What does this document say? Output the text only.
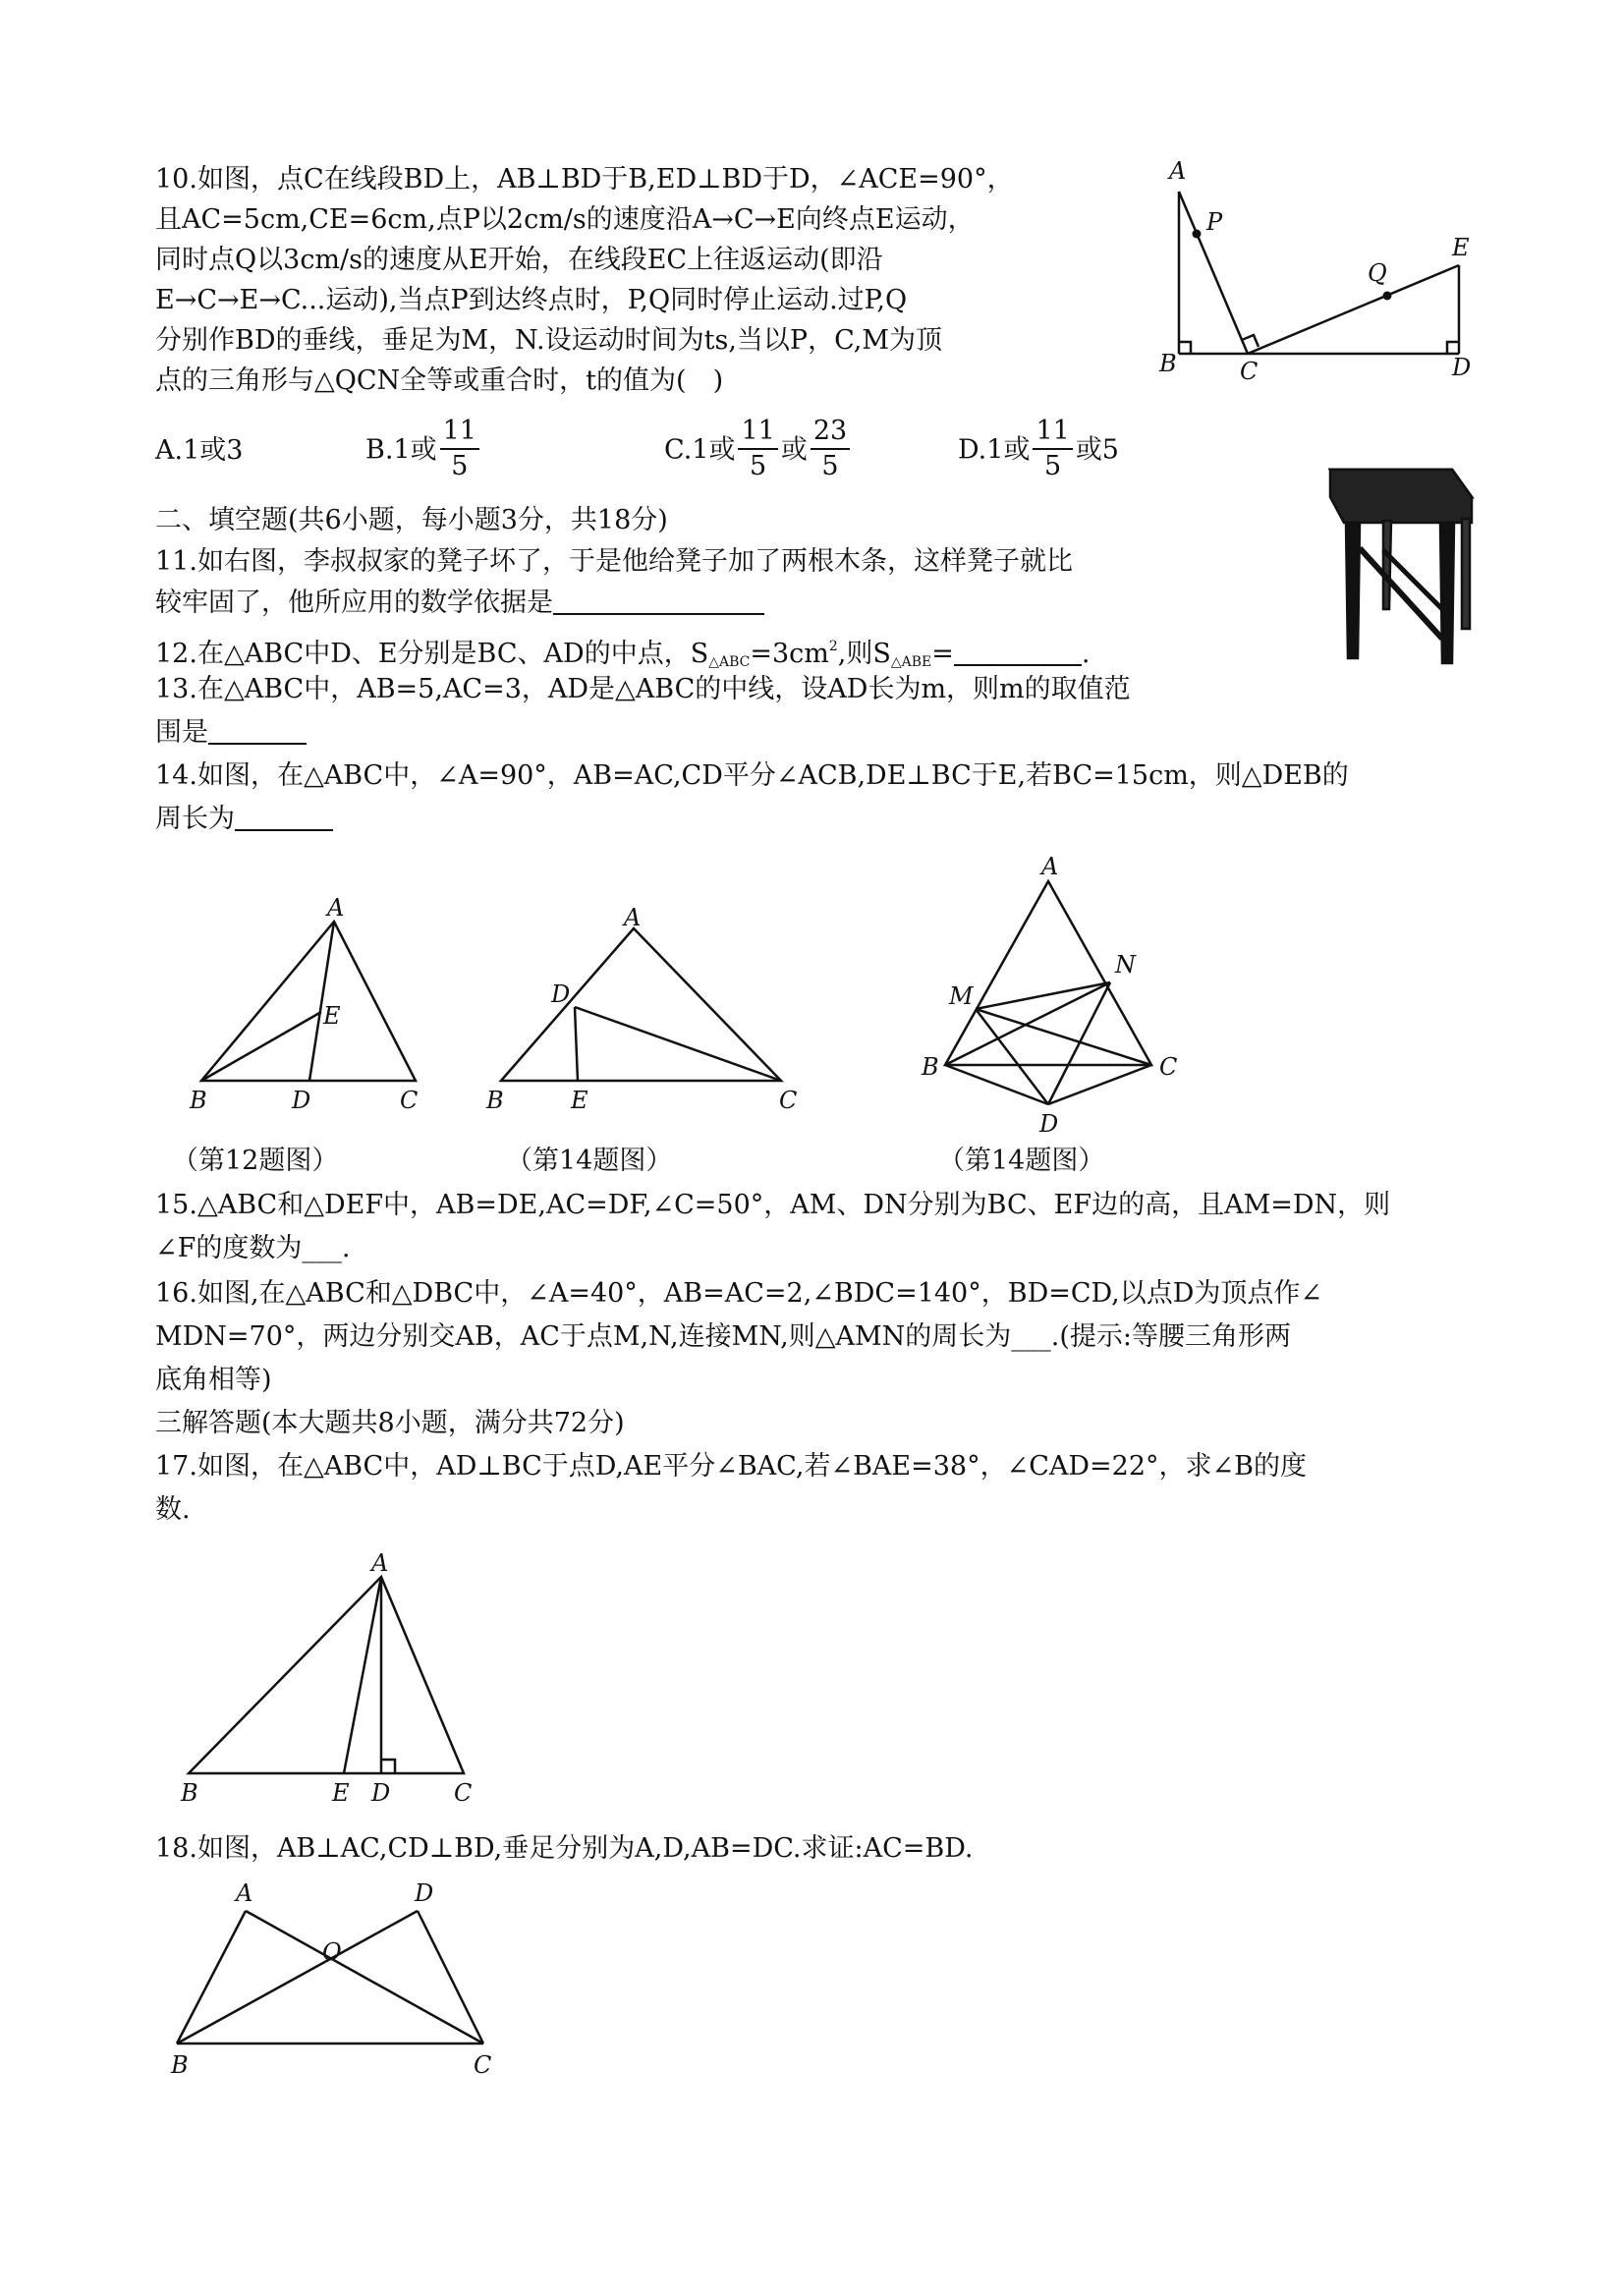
10.如图，点C在线段BD上，AB⊥BD于B,ED⊥BD于D，∠ACE=90°，
且AC=5cm,CE=6cm,点P以2cm/s的速度沿A→C→E向终点E运动，
同时点Q以3cm/s的速度从E开始，在线段EC上往返运动(即沿
E→C→E→C...运动),当点P到达终点时，P,Q同时停止运动.过P,Q
分别作BD的垂线，垂足为M，N.设运动时间为ts,当以P，C,M为顶
点的三角形与△QCN全等或重合时，t的值为(　)
A.1或3	B.1或 $\frac{11}{5}$	C.1或 $\frac{11}{5}$ 或 $\frac{23}{5}$	D.1或 $\frac{11}{5}$ 或5
A
P
Q
E
B	C	D
二、填空题(共6小题，每小题3分，共18分)
11.如右图，李叔叔家的凳子坏了，于是他给凳子加了两根木条，这样凳子就比
较牢固了，他所应用的数学依据是
12.在△ABC中D、E分别是BC、AD的中点，$S_{\triangle ABC}=3cm^2$,则$S_{\triangle ABE}=$	.
13.在△ABC中，AB=5,AC=3，AD是△ABC的中线，设AD长为m，则m的取值范
围是
14.如图，在△ABC中，∠A=90°，AB=AC,CD平分∠ACB,DE⊥BC于E,若BC=15cm，则△DEB的
周长为
A
E
B	D	C
A
D
B	E	C
A
N
M
B	C
D
（第12题图）	（第14题图）	（第14题图）
15.△ABC和△DEF中，AB=DE,AC=DF,∠C=50°，AM、DN分别为BC、EF边的高，且AM=DN，则
∠F的度数为___.
16.如图,在△ABC和△DBC中，∠A=40°，AB=AC=2,∠BDC=140°，BD=CD,以点D为顶点作∠
MDN=70°，两边分别交AB，AC于点M,N,连接MN,则△AMN的周长为___.(提示:等腰三角形两
底角相等)
三解答题(本大题共8小题，满分共72分)
17.如图，在△ABC中，AD⊥BC于点D,AE平分∠BAC,若∠BAE=38°，∠CAD=22°，求∠B的度
数.
A
B	E D	C
18.如图，AB⊥AC,CD⊥BD,垂足分别为A,D,AB=DC.求证:AC=BD.
A	D
O
B	C
